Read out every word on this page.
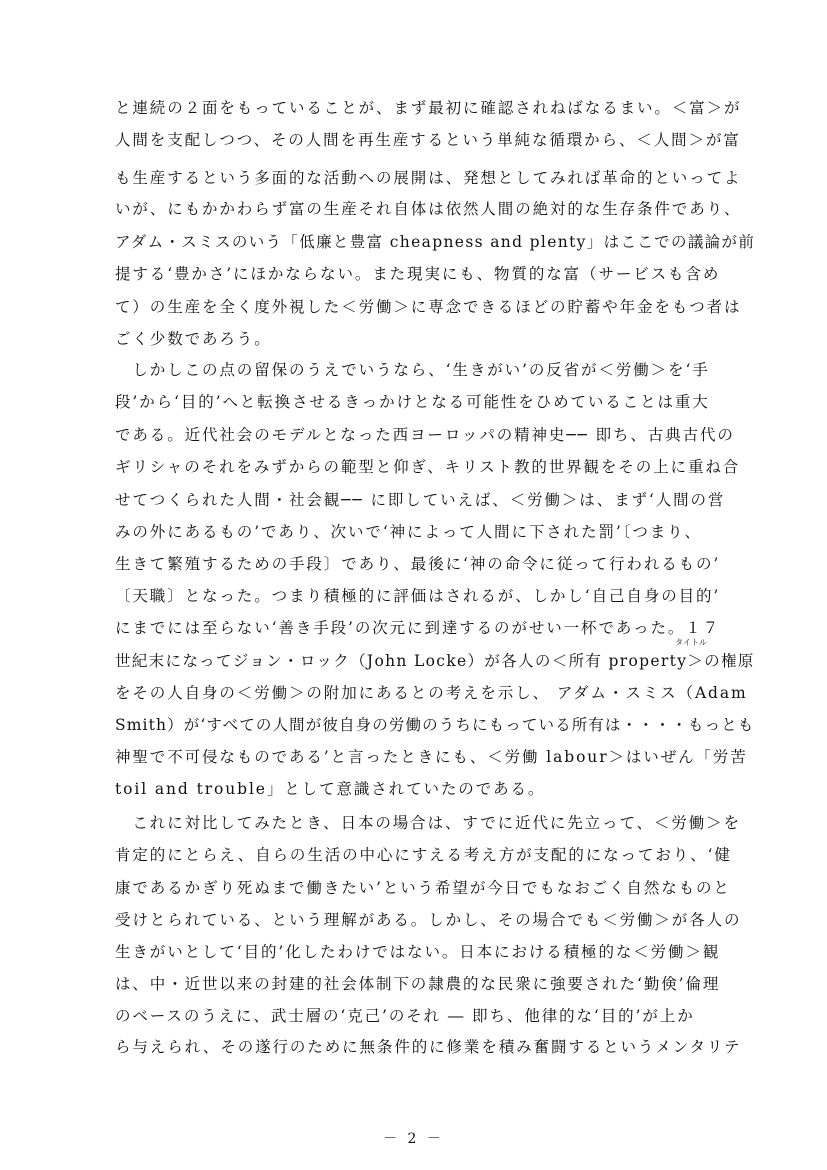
と連続の２面をもっていることが、まず最初に確認されねばなるまい。＜富＞が
人間を支配しつつ、その人間を再生産するという単純な循環から、＜人間＞が富
も生産するという多面的な活動への展開は、発想としてみれば革命的といってよ
いが、にもかかわらず富の生産それ自体は依然人間の絶対的な生存条件であり、
アダム・スミスのいう「低廉と豊富 cheapness and plenty」はここでの議論が前
提する‘豊かさ’にほかならない。また現実にも、物質的な富（サービスも含め
て）の生産を全く度外視した＜労働＞に専念できるほどの貯蓄や年金をもつ者は
ごく少数であろう。
　しかしこの点の留保のうえでいうなら、‘生きがい’の反省が＜労働＞を‘手
段’から‘目的’へと転換させるきっかけとなる可能性をひめていることは重大
である。近代社会のモデルとなった西ヨーロッパの精神史── 即ち、古典古代の
ギリシャのそれをみずからの範型と仰ぎ、キリスト教的世界観をその上に重ね合
せてつくられた人間・社会観── に即していえば、＜労働＞は、まず‘人間の営
みの外にあるもの’であり、次いで‘神によって人間に下された罰’〔つまり、
生きて繁殖するための手段〕であり、最後に‘神の命令に従って行われるもの’
〔天職〕となった。つまり積極的に評価はされるが、しかし‘自己自身の目的’
にまでには至らない‘善き手段’の次元に到達するのがせい一杯であった。１７
タイトル
世紀末になってジョン・ロック（John Locke）が各人の＜所有 property＞の権原
をその人自身の＜労働＞の附加にあるとの考えを示し、 アダム・スミス（Adam
Smith）が‘すべての人間が彼自身の労働のうちにもっている所有は・・・・もっとも
神聖で不可侵なものである’と言ったときにも、＜労働 labour＞はいぜん「労苦
toil and trouble」として意識されていたのである。
　これに対比してみたとき、日本の場合は、すでに近代に先立って、＜労働＞を
肯定的にとらえ、自らの生活の中心にすえる考え方が支配的になっており、‘健
康であるかぎり死ぬまで働きたい’という希望が今日でもなおごく自然なものと
受けとられている、という理解がある。しかし、その場合でも＜労働＞が各人の
生きがいとして‘目的’化したわけではない。日本における積極的な＜労働＞観
は、中・近世以来の封建的社会体制下の隷農的な民衆に強要された‘勤倹’倫理
のベースのうえに、武士層の‘克己’のそれ ― 即ち、他律的な‘目的’が上か
ら与えられ、その遂行のために無条件的に修業を積み奮闘するというメンタリテ
－ 2 －
